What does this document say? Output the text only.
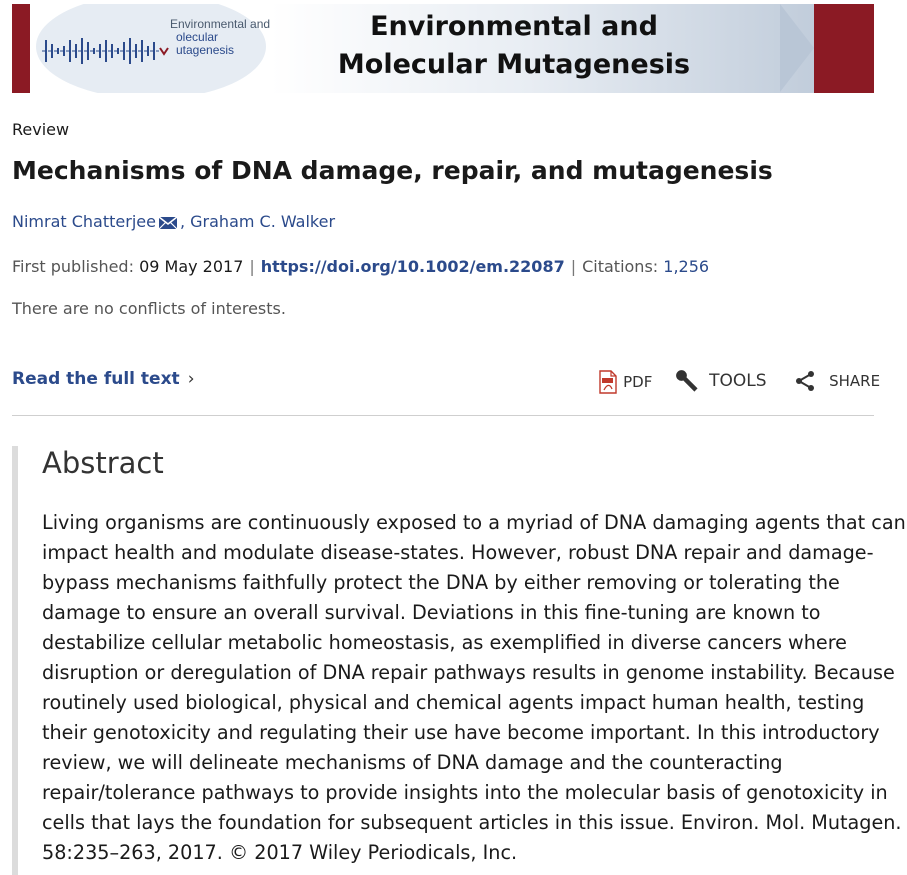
Environmental and
olecular
utagenesis
Environmental and
Molecular Mutagenesis
Review
Mechanisms of DNA damage, repair, and mutagenesis
Nimrat Chatterjee , Graham C. Walker
First published: 09 May 2017 | https://doi.org/10.1002/em.22087 | Citations: 1,256
There are no conflicts of interests.
Read the full text ›	PDF	TOOLS	SHARE
Abstract
Living organisms are continuously exposed to a myriad of DNA damaging agents that can
impact health and modulate disease-states. However, robust DNA repair and damage-
bypass mechanisms faithfully protect the DNA by either removing or tolerating the
damage to ensure an overall survival. Deviations in this fine-tuning are known to
destabilize cellular metabolic homeostasis, as exemplified in diverse cancers where
disruption or deregulation of DNA repair pathways results in genome instability. Because
routinely used biological, physical and chemical agents impact human health, testing
their genotoxicity and regulating their use have become important. In this introductory
review, we will delineate mechanisms of DNA damage and the counteracting
repair/tolerance pathways to provide insights into the molecular basis of genotoxicity in
cells that lays the foundation for subsequent articles in this issue. Environ. Mol. Mutagen.
58:235–263, 2017. © 2017 Wiley Periodicals, Inc.
